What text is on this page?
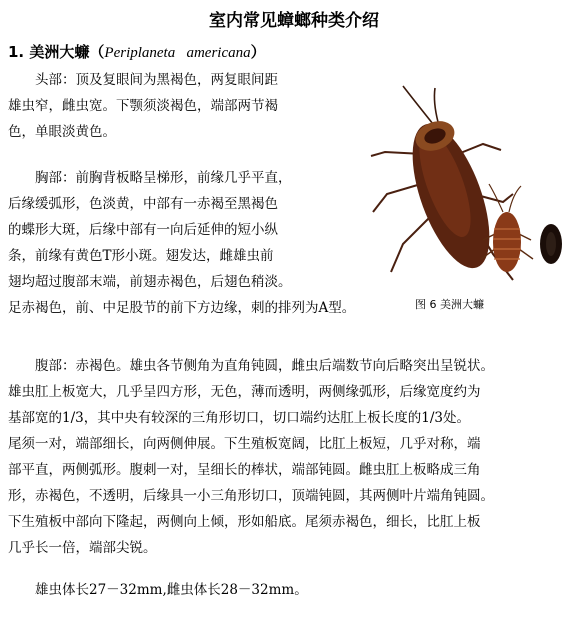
室内常见蟑螂种类介绍
1. 美洲大蠊（Periplaneta   americana）
　　头部：顶及复眼间为黑褐色，两复眼间距
雄虫窄，雌虫宽。下颚须淡褐色，端部两节褐
色，单眼淡黄色。
　　胸部：前胸背板略呈梯形，前缘几乎平直，
后缘缓弧形，色淡黄，中部有一赤褐至黑褐色
的蝶形大斑，后缘中部有一向后延伸的短小纵
条，前缘有黄色T形小斑。翅发达，雌雄虫前
翅均超过腹部末端，前翅赤褐色，后翅色稍淡。
足赤褐色，前、中足股节的前下方边缘，刺的排列为A型。
　　腹部：赤褐色。雄虫各节侧角为直角钝圆，雌虫后端数节向后略突出呈锐状。
雄虫肛上板宽大，几乎呈四方形，无色，薄而透明，两侧缘弧形，后缘宽度约为
基部宽的1/3，其中央有较深的三角形切口，切口端约达肛上板长度的1/3处。
尾须一对，端部细长，向两侧伸展。下生殖板宽阔，比肛上板短，几乎对称，端
部平直，两侧弧形。腹刺一对，呈细长的棒状，端部钝圆。雌虫肛上板略成三角
形，赤褐色，不透明，后缘具一小三角形切口，顶端钝圆，其两侧叶片端角钝圆。
下生殖板中部向下隆起，两侧向上倾，形如船底。尾须赤褐色，细长，比肛上板
几乎长一倍，端部尖锐。
　　雄虫体长27－32mm,雌虫体长28－32mm。
图 6 美洲大蠊
